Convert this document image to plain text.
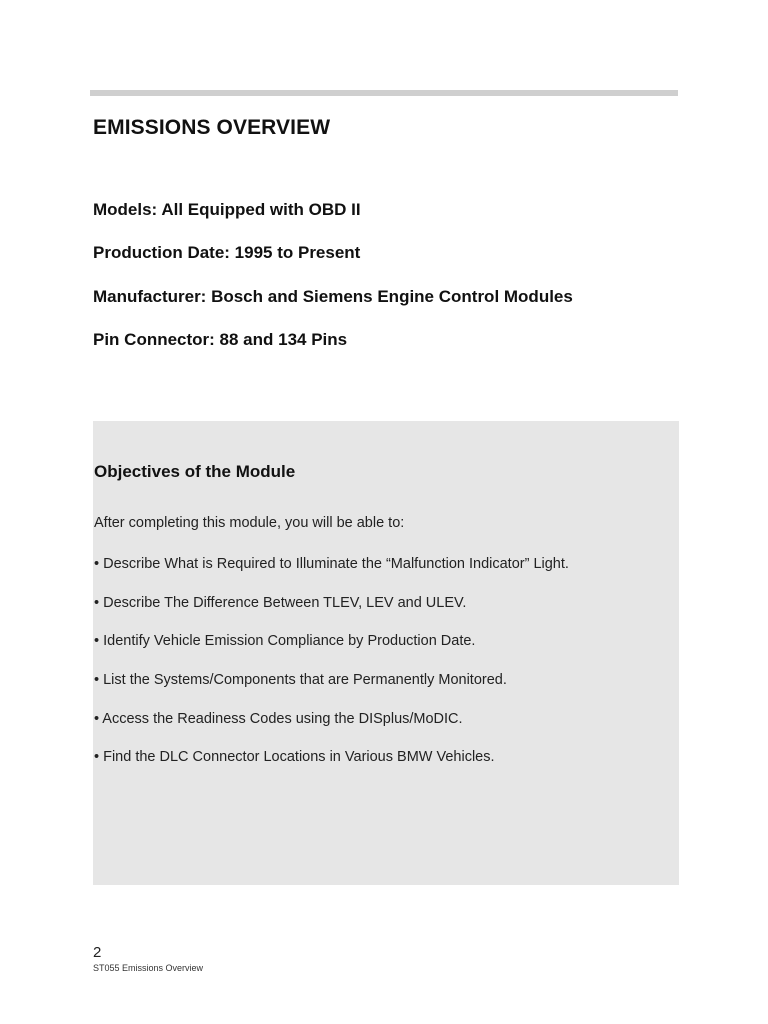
EMISSIONS OVERVIEW
Models: All Equipped with OBD II
Production Date: 1995 to Present
Manufacturer: Bosch and Siemens Engine Control Modules
Pin Connector: 88 and 134 Pins
Objectives of the Module

After completing this module, you will be able to:

• Describe What is Required to Illuminate the “Malfunction Indicator” Light.
• Describe The Difference Between TLEV, LEV and ULEV.
• Identify Vehicle Emission Compliance by Production Date.
• List the Systems/Components that are Permanently Monitored.
• Access the Readiness Codes using the DISplus/MoDIC.
• Find the DLC Connector Locations in Various BMW Vehicles.
2
ST055 Emissions Overview
